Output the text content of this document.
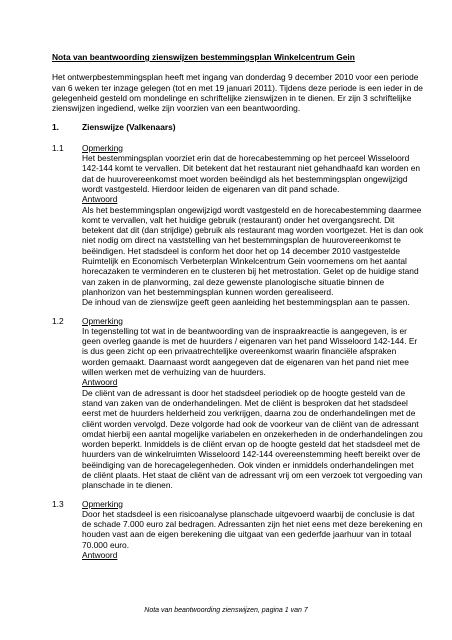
Nota van beantwoording zienswijzen bestemmingsplan Winkelcentrum Gein

Het ontwerpbestemmingsplan heeft met ingang van donderdag 9 december 2010 voor een periode van 6 weken ter inzage gelegen (tot en met 19 januari 2011). Tijdens deze periode is een ieder in de gelegenheid gesteld om mondelinge en schriftelijke zienswijzen in te dienen. Er zijn 3 schriftelijke zienswijzen ingediend, welke zijn voorzien van een beantwoording.

1.	Zienswijze (Valkenaars)
1.1	Opmerking

Het bestemmingsplan voorziet erin dat de horecabestemming op het perceel Wisseloord 142-144 komt te vervallen. Dit betekent dat het restaurant niet gehandhaafd kan worden en dat de huurovereenkomst moet worden beëindigd als het bestemmingsplan ongewijzigd wordt vastgesteld. Hierdoor leiden de eigenaren van dit pand schade.

Antwoord

Als het bestemmingsplan ongewijzigd wordt vastgesteld en de horecabestemming daarmee komt te vervallen, valt het huidige gebruik (restaurant) onder het overgangsrecht. Dit betekent dat dit (dan strijdige) gebruik als restaurant mag worden voortgezet. Het is dan ook niet nodig om direct na vaststelling van het bestemmingsplan de huurovereenkomst te beëindigen. Het stadsdeel is conform het door het op 14 december 2010 vastgestelde Ruimtelijk en Economisch Verbeterplan Winkelcentrum Gein voornemens om het aantal horecazaken te verminderen en te clusteren bij het metrostation. Gelet op de huidige stand van zaken in de planvorming, zal deze gewenste planologische situatie binnen de planhorizon van het bestemmingsplan kunnen worden gerealiseerd.

De inhoud van de zienswijze geeft geen aanleiding het bestemmingsplan aan te passen.

1.2	Opmerking

In tegenstelling tot wat in de beantwoording van de inspraakreactie is aangegeven, is er geen overleg gaande is met de huurders / eigenaren van het pand Wisseloord 142-144. Er is dus geen zicht op een privaatrechtelijke overeenkomst waarin financiële afspraken worden gemaakt. Daarnaast wordt aangegeven dat de eigenaren van het pand niet mee willen werken met de verhuizing van de huurders.

Antwoord

De cliënt van de adressant is door het stadsdeel periodiek op de hoogte gesteld van de stand van zaken van de onderhandelingen. Met de cliënt is besproken dat het stadsdeel eerst met de huurders helderheid zou verkrijgen, daarna zou de onderhandelingen met de cliënt worden vervolgd. Deze volgorde had ook de voorkeur van de cliënt van de adressant omdat hierbij een aantal mogelijke variabelen en onzekerheden in de onderhandelingen zou worden beperkt. Inmiddels is de cliënt ervan op de hoogte gesteld dat het stadsdeel met de huurders van de winkelruimten Wisseloord 142-144 overeenstemming heeft bereikt over de beëindiging van de horecagelegenheden. Ook vinden er inmiddels onderhandelingen met de cliënt plaats. Het staat de cliënt van de adressant vrij om een verzoek tot vergoeding van planschade in te dienen.

1.3	Opmerking

Door het stadsdeel is een risicoanalyse planschade uitgevoerd waarbij de conclusie is dat de schade 7.000 euro zal bedragen. Adressanten zijn het niet eens met deze berekening en houden vast aan de eigen berekening die uitgaat van een gederfde jaarhuur van in totaal 70.000 euro.

Antwoord
Nota van beantwoording zienswijzen, pagina 1 van 7
